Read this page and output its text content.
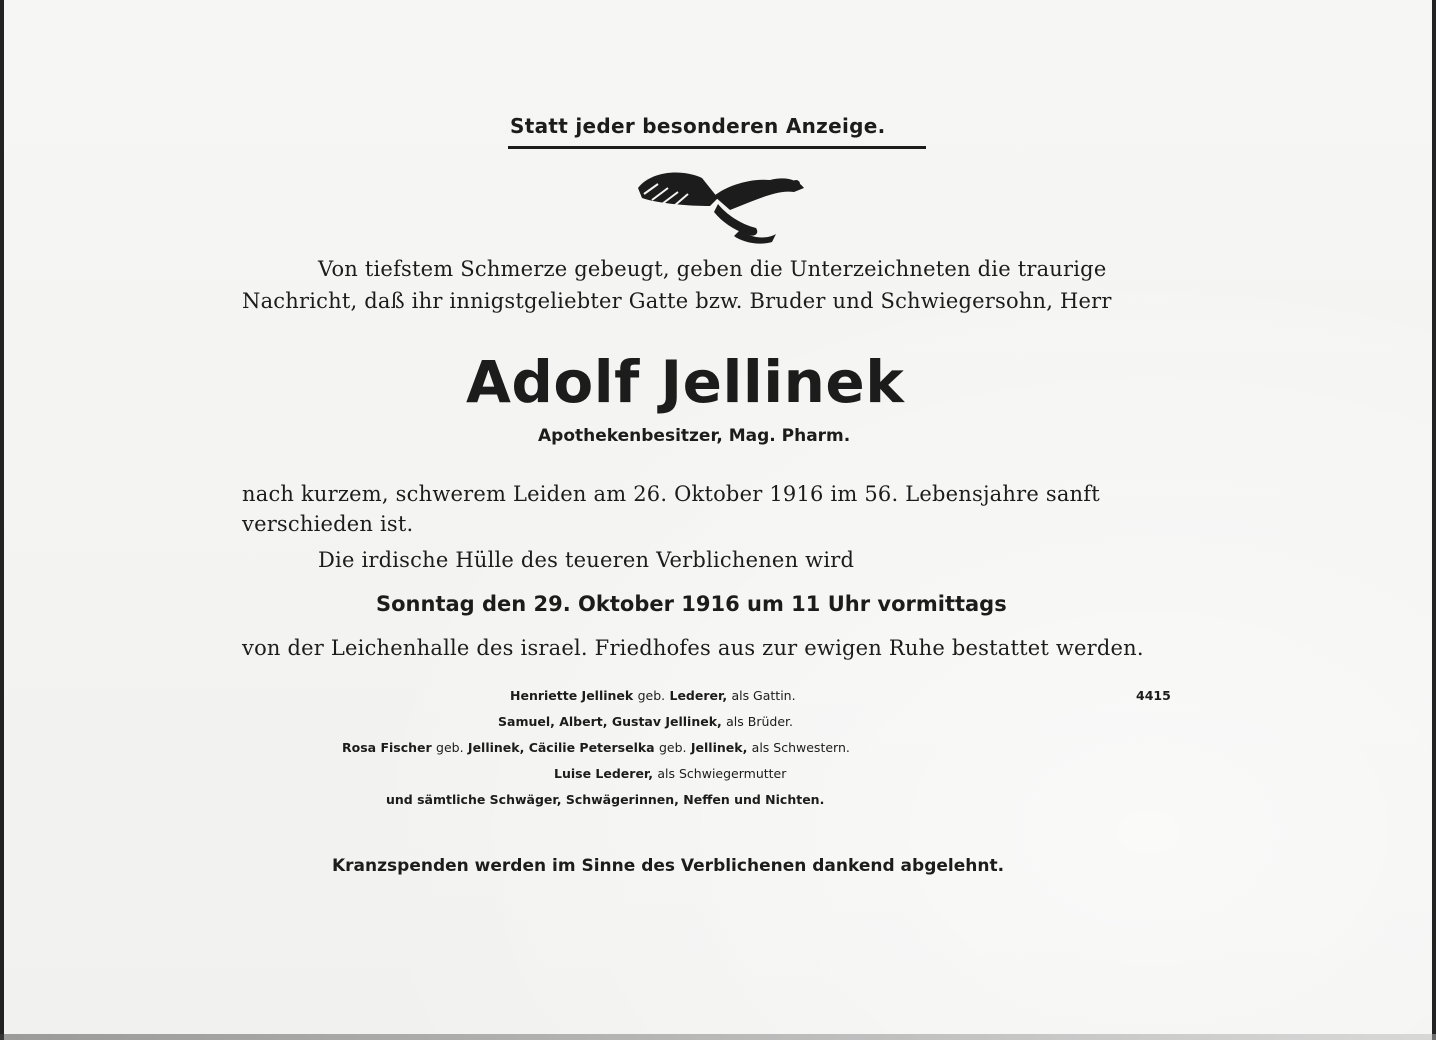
Statt jeder besonderen Anzeige.
Von tiefstem Schmerze gebeugt, geben die Unterzeichneten die traurige
Nachricht, daß ihr innigstgeliebter Gatte bzw. Bruder und Schwiegersohn, Herr
Adolf Jellinek
Apothekenbesitzer, Mag. Pharm.
nach kurzem, schwerem Leiden am 26. Oktober 1916 im 56. Lebensjahre sanft
verschieden ist.
Die irdische Hülle des teueren Verblichenen wird
Sonntag den 29. Oktober 1916 um 11 Uhr vormittags
von der Leichenhalle des israel. Friedhofes aus zur ewigen Ruhe bestattet werden.
Henriette Jellinek geb. Lederer, als Gattin.	4415
Samuel, Albert, Gustav Jellinek, als Brüder.
Rosa Fischer geb. Jellinek, Cäcilie Peterselka geb. Jellinek, als Schwestern.
Luise Lederer, als Schwiegermutter
und sämtliche Schwäger, Schwägerinnen, Neffen und Nichten.
Kranzspenden werden im Sinne des Verblichenen dankend abgelehnt.
